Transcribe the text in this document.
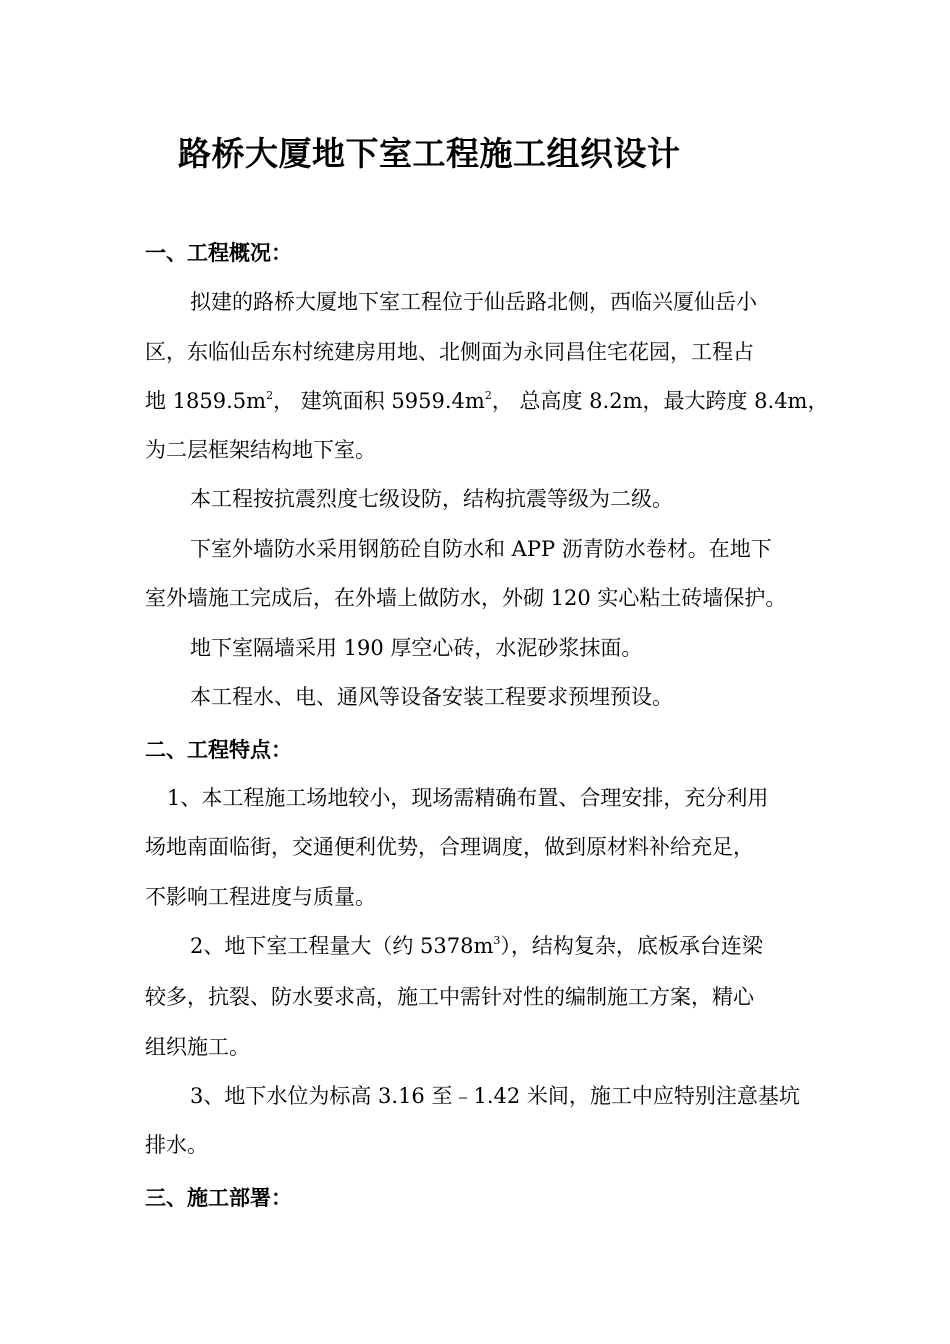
路桥大厦地下室工程施工组织设计
一、工程概况：
拟建的路桥大厦地下室工程位于仙岳路北侧，西临兴厦仙岳小
区，东临仙岳东村统建房用地、北侧面为永同昌住宅花园，工程占
地 $1859.5m^2$， 建筑面积 $5959.4m^2$， 总高度 8.2m，最大跨度 8.4m，
为二层框架结构地下室。
本工程按抗震烈度七级设防，结构抗震等级为二级。
下室外墙防水采用钢筋砼自防水和 APP 沥青防水卷材。在地下
室外墙施工完成后，在外墙上做防水，外砌 120 实心粘土砖墙保护。
地下室隔墙采用 190 厚空心砖，水泥砂浆抹面。
本工程水、电、通风等设备安装工程要求预埋预设。
二、工程特点：
1、本工程施工场地较小，现场需精确布置、合理安排，充分利用
场地南面临街，交通便利优势，合理调度，做到原材料补给充足，
不影响工程进度与质量。
2、地下室工程量大（约 $5378m^3$），结构复杂，底板承台连梁
较多，抗裂、防水要求高，施工中需针对性的编制施工方案，精心
组织施工。
3、地下水位为标高 3.16 至﹣1.42 米间，施工中应特别注意基坑
排水。
三、施工部署：
